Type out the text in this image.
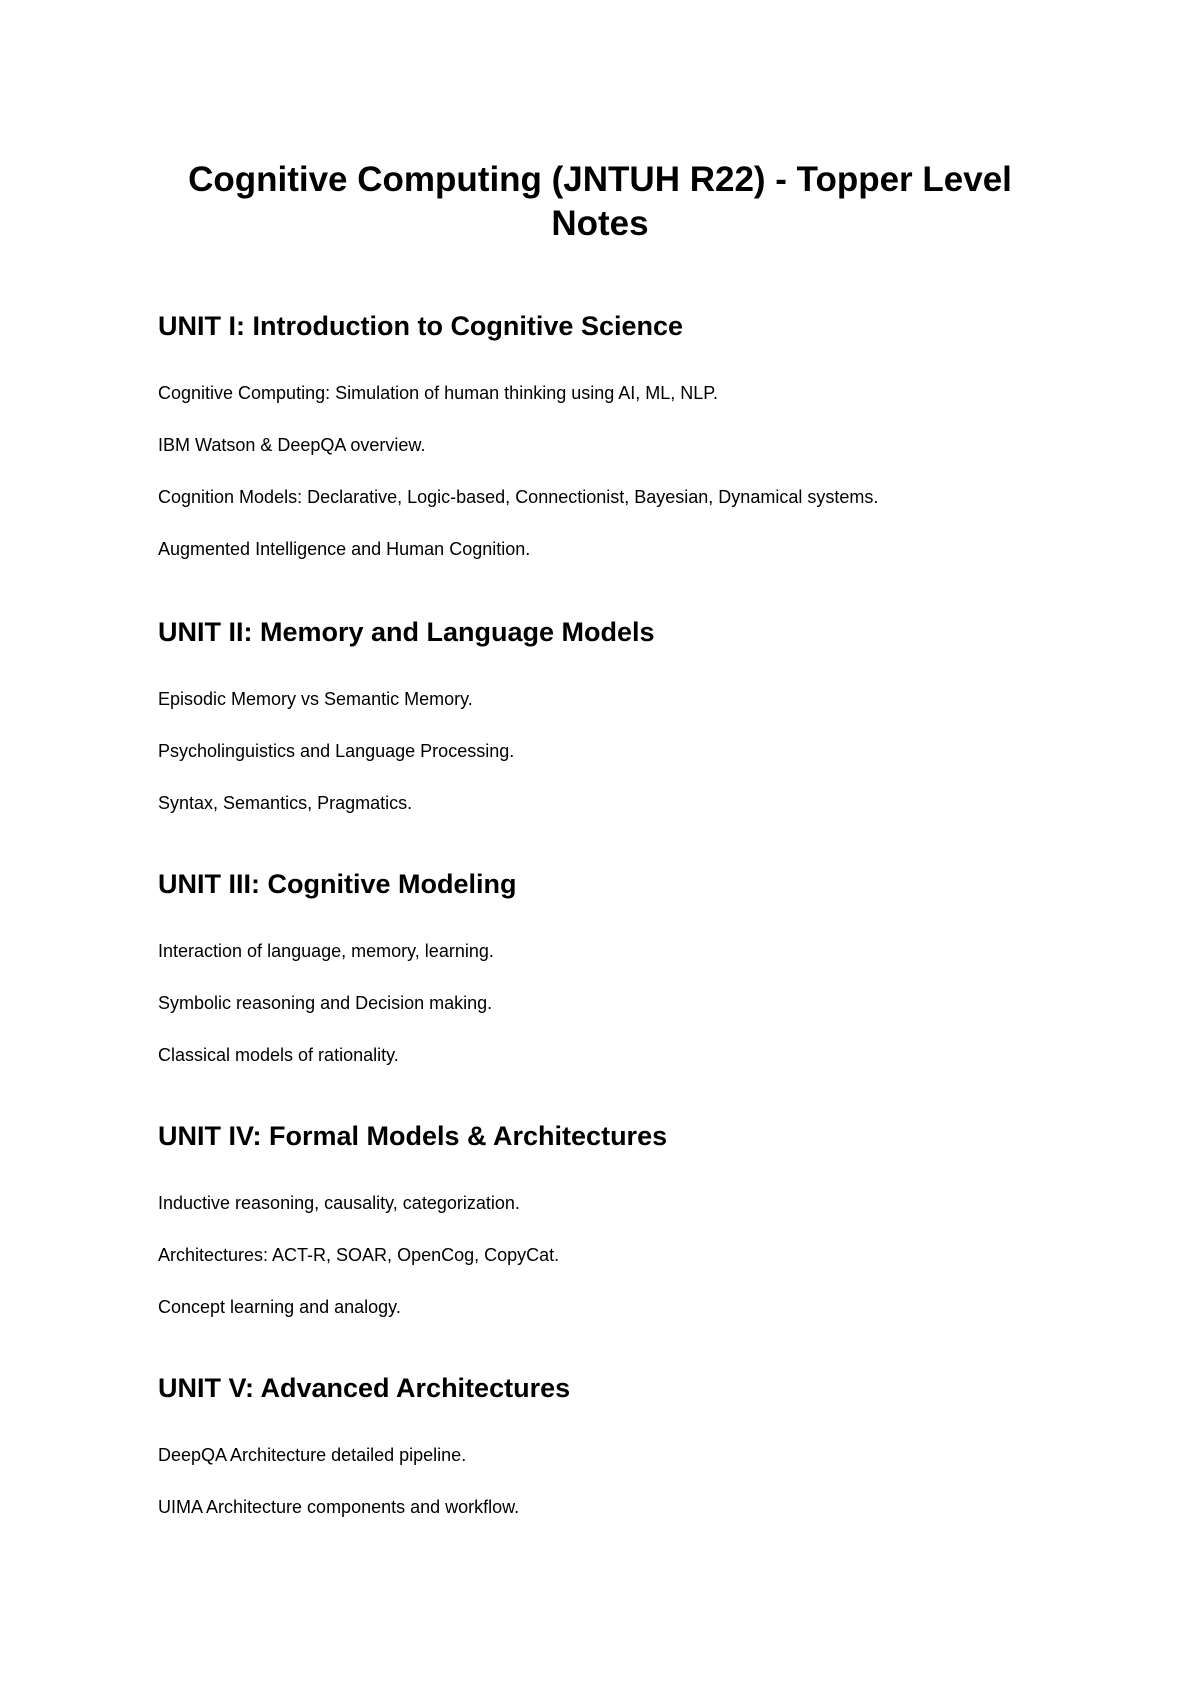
Cognitive Computing (JNTUH R22) - Topper Level Notes
UNIT I: Introduction to Cognitive Science
Cognitive Computing: Simulation of human thinking using AI, ML, NLP.
IBM Watson & DeepQA overview.
Cognition Models: Declarative, Logic-based, Connectionist, Bayesian, Dynamical systems.
Augmented Intelligence and Human Cognition.
UNIT II: Memory and Language Models
Episodic Memory vs Semantic Memory.
Psycholinguistics and Language Processing.
Syntax, Semantics, Pragmatics.
UNIT III: Cognitive Modeling
Interaction of language, memory, learning.
Symbolic reasoning and Decision making.
Classical models of rationality.
UNIT IV: Formal Models & Architectures
Inductive reasoning, causality, categorization.
Architectures: ACT-R, SOAR, OpenCog, CopyCat.
Concept learning and analogy.
UNIT V: Advanced Architectures
DeepQA Architecture detailed pipeline.
UIMA Architecture components and workflow.
